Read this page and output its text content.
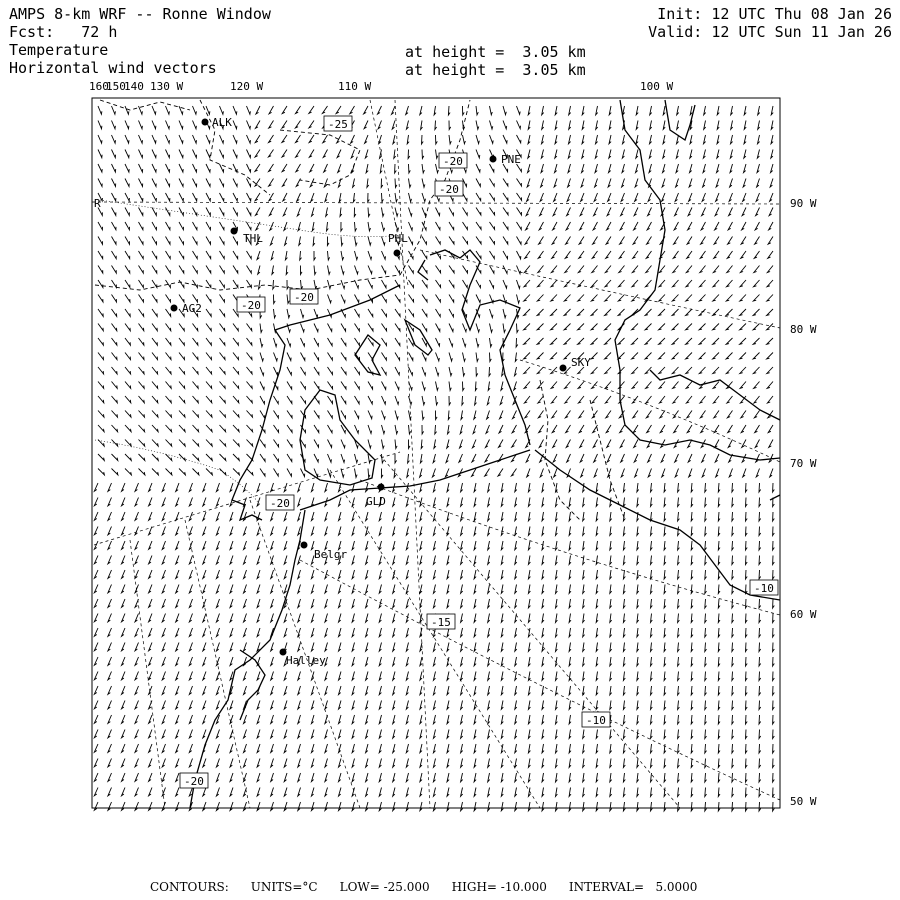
AMPS 8-km WRF -- Ronne Window
Fcst: 72 h
Temperature
Horizontal wind vectors
Init: 12 UTC Thu 08 Jan 26
Valid: 12 UTC Sun 11 Jan 26
at height =  3.05 km
at height =  3.05 km
160
150
140 130 W	120 W	110 W	100 W
90 W
80 W
70 W
60 W
50 W
ALK
PNE
THL	PHL
AG2
SKY
GLD
Belgr
Halley
-25
-20
-20
-20
-20
-20
-15
-10
-10
-20
R
CONTOURS: UNITS=°C LOW= -25.000 HIGH= -10.000 INTERVAL=   5.0000
